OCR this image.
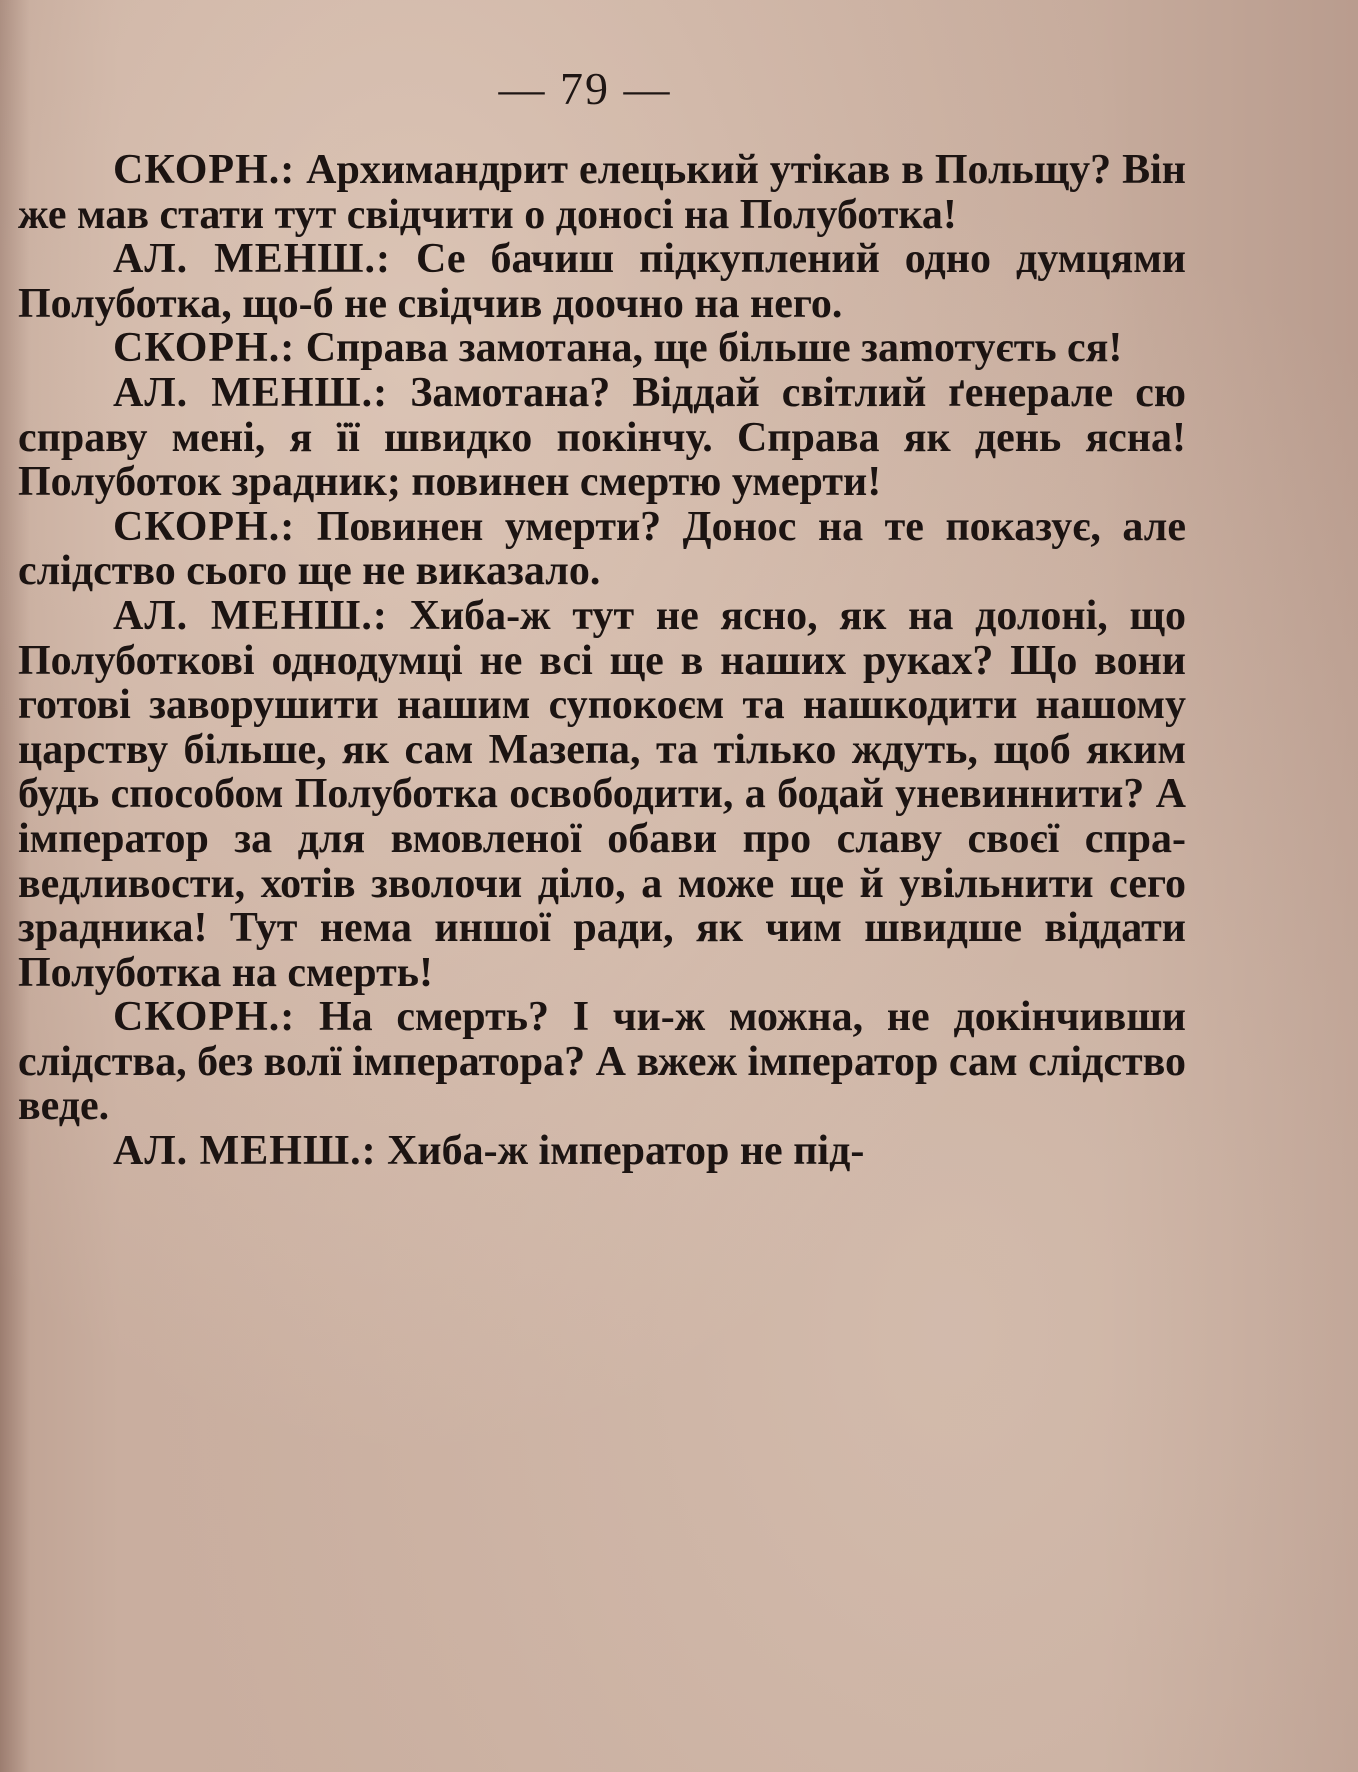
— 79 —

СКОРН.: Архимандрит елецький утікав в Польщу? Він же мав стати тут свідчити о доносі на Полуботка!

АЛ. МЕНШ.: Се бачиш підкуплений одно думцями Полуботка, що-б не свідчив доочно на него.

СКОРН.: Справа замотана, ще більше заmотуєть ся!

АЛ. МЕНШ.: Замотана? Віддай світлий ґенерале сю справу мені, я її швидко покінчу. Справа як день ясна! Полуботок зрадник; повинен смертю умерти!

СКОРН.: Повинен умерти? Донос на те показує, але слідство сього ще не виказало.

АЛ. МЕНШ.: Хиба-ж тут не ясно, як на долоні, що Полуботкові однодумці не всі ще в наших руках? Що вони готові заворушити нашим супокоєм та нашкодити нашому царству більше, як сам Мазепа, та тілько ждуть, щоб яким будь способом Полуботка освободити, а бодай уневиннити? А імператор за для вмовленої обави про славу своєї справедливости, хотів зволочи діло, а може ще й увільнити сего зрадника! Тут нема иншої ради, як чим швидше віддати Полуботка на смерть!

СКОРН.: На смерть? І чи-ж можна, не докінчивши слідства, без волї імператора? А вжеж імператор сам слідство веде.

АЛ. МЕНШ.: Хиба-ж імператор не під-
